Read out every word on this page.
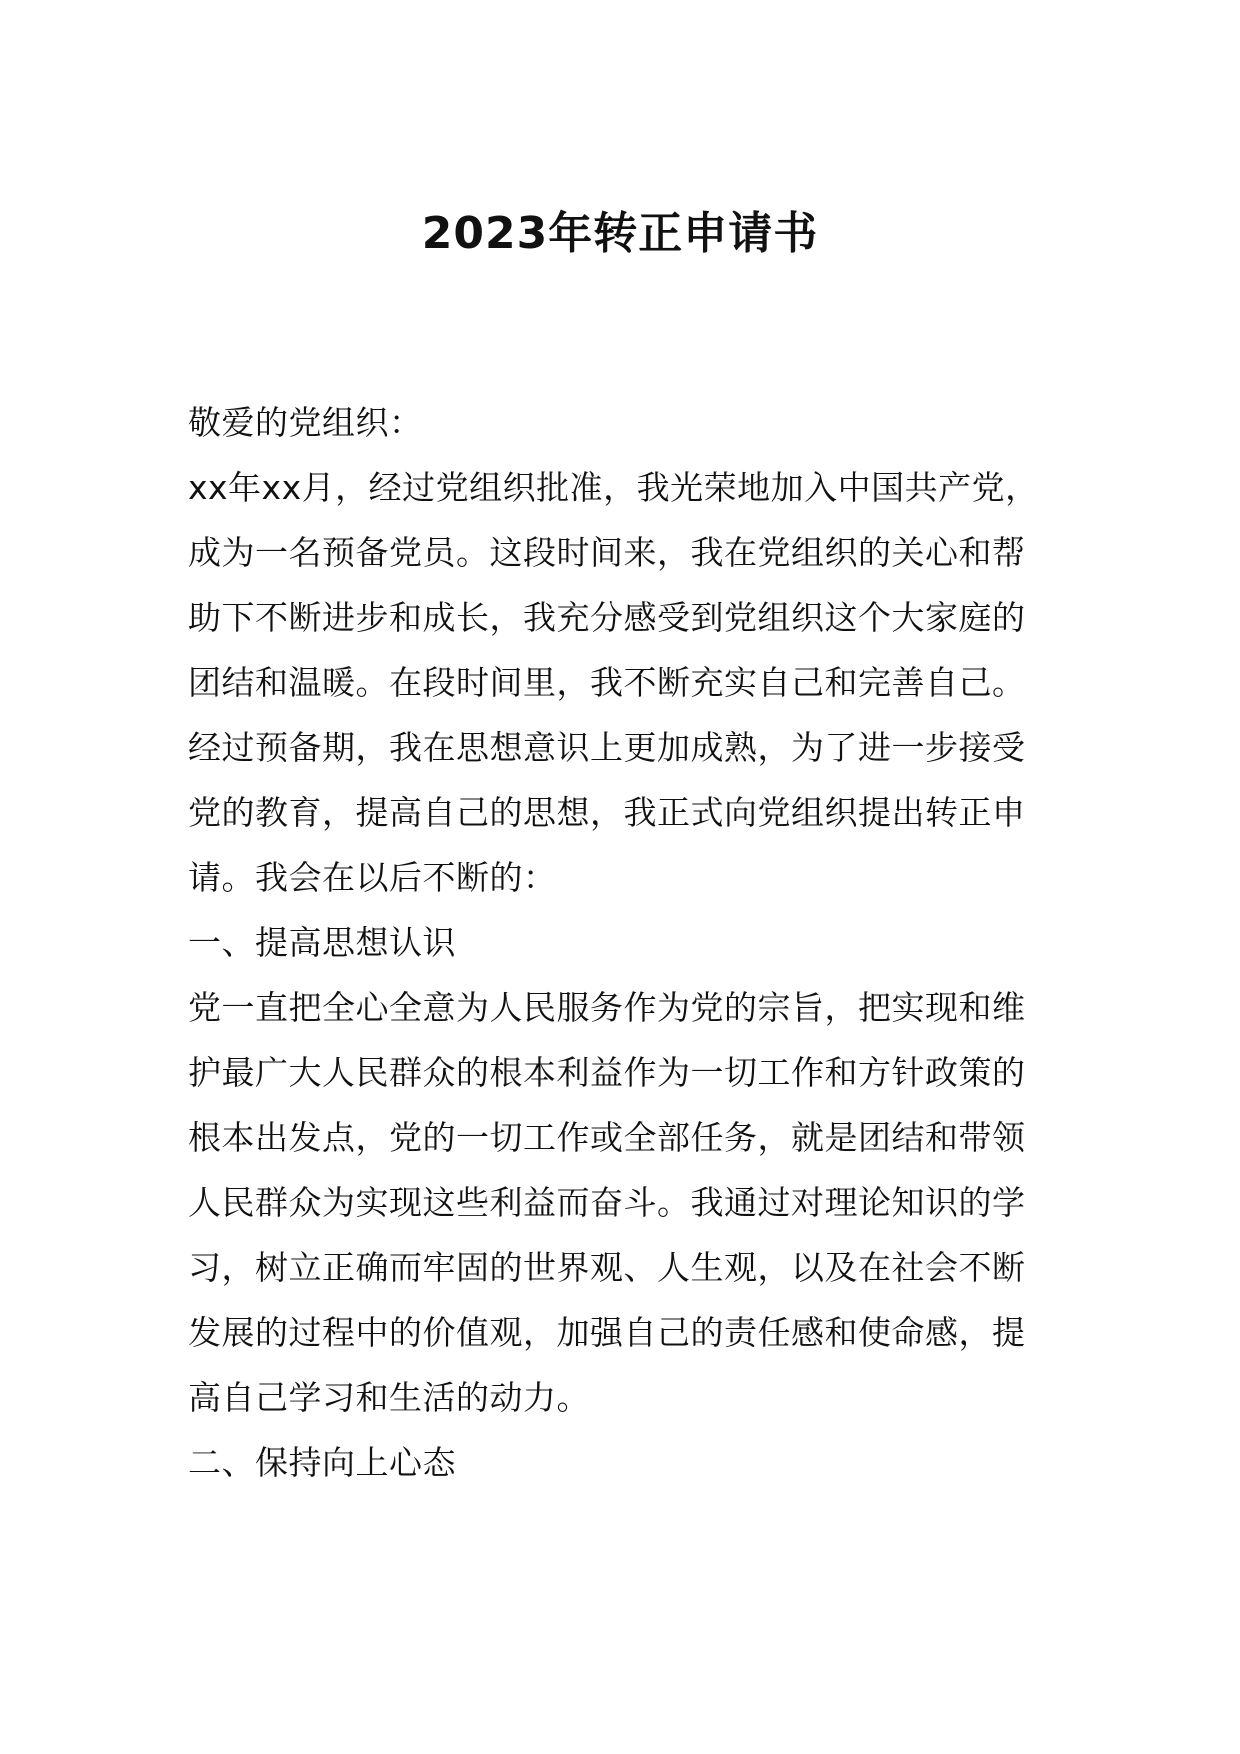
2023年转正申请书
敬爱的党组织：
xx年xx月，经过党组织批准，我光荣地加入中国共产党，
成为一名预备党员。这段时间来，我在党组织的关心和帮
助下不断进步和成长，我充分感受到党组织这个大家庭的
团结和温暖。在段时间里，我不断充实自己和完善自己。
经过预备期，我在思想意识上更加成熟，为了进一步接受
党的教育，提高自己的思想，我正式向党组织提出转正申
请。我会在以后不断的：
一、提高思想认识
党一直把全心全意为人民服务作为党的宗旨，把实现和维
护最广大人民群众的根本利益作为一切工作和方针政策的
根本出发点，党的一切工作或全部任务，就是团结和带领
人民群众为实现这些利益而奋斗。我通过对理论知识的学
习，树立正确而牢固的世界观、人生观，以及在社会不断
发展的过程中的价值观，加强自己的责任感和使命感，提
高自己学习和生活的动力。
二、保持向上心态
